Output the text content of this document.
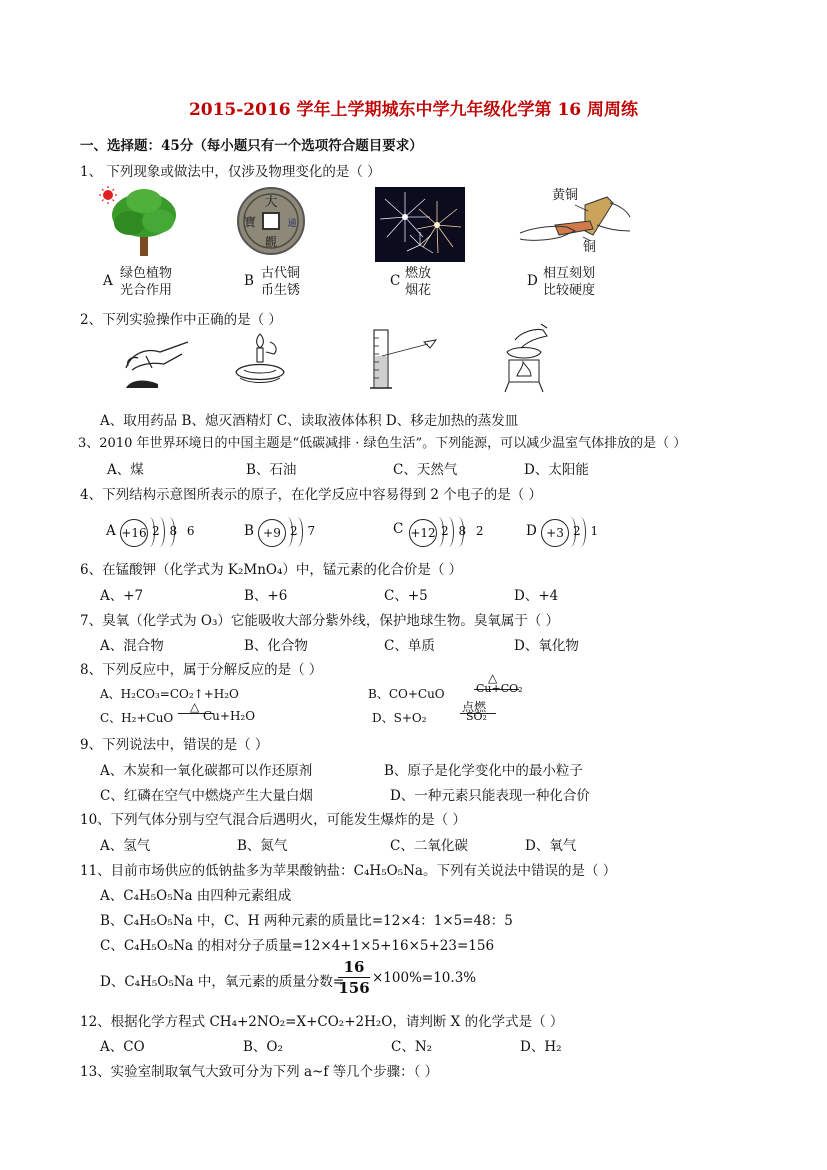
2015-2016 学年上学期城东中学九年级化学第 16 周周练
一、选择题：45分（每小题只有一个选项符合题目要求）
1、 下列现象或做法中，仅涉及物理变化的是（ ）
大
通
寶
觀
黄铜
铜
A 绿色植物
光合作用
B 古代铜
币生锈
C 燃放
烟花
D 相互刻划
比较硬度
2、下列实验操作中正确的是（ ）
A、取用药品 B、熄灭酒精灯 C、读取液体体积 D、移走加热的蒸发皿
3、2010 年世界环境日的中国主题是“低碳减排 · 绿色生活”。下列能源，可以减少温室气体排放的是（ ）
A、煤	B、石油	C、天然气	D、太阳能
4、下列结构示意图所表示的原子，在化学反应中容易得到 2 个电子的是（ ）
A +16 2 8 6	B +9 2 7	C +12 2 8 2	D +3 2 1
6、在锰酸钾（化学式为 K₂MnO₄）中，锰元素的化合价是（ ）
A、+7	B、+6	C、+5	D、+4
7、臭氧（化学式为 O₃）它能吸收大部分紫外线，保护地球生物。臭氧属于（ ）
A、混合物	B、化合物	C、单质	D、氧化物
8、下列反应中，属于分解反应的是（ ）
A、H₂CO₃=CO₂↑+H₂O	B、CO+CuO
△
Cu+CO₂
C、H₂+CuO
△
Cu+H₂O	D、S+O₂
点燃
SO₂
9、下列说法中，错误的是（ ）
A、木炭和一氧化碳都可以作还原剂	B、原子是化学变化中的最小粒子
C、红磷在空气中燃烧产生大量白烟	D、一种元素只能表现一种化合价
10、下列气体分别与空气混合后遇明火，可能发生爆炸的是（ ）
A、氢气	B、氮气	C、二氧化碳	D、氧气
11、目前市场供应的低钠盐多为苹果酸钠盐：C₄H₅O₅Na。下列有关说法中错误的是（ ）
A、C₄H₅O₅Na 由四种元素组成
B、C₄H₅O₅Na 中，C、H 两种元素的质量比=12×4：1×5=48：5
C、C₄H₅O₅Na 的相对分子质量=12×4+1×5+16×5+23=156
D、C₄H₅O₅Na 中，氧元素的质量分数=
16
156
×100%=10.3%
12、根据化学方程式 CH₄+2NO₂=X+CO₂+2H₂O，请判断 X 的化学式是（ ）
A、CO	B、O₂	C、N₂	D、H₂
13、实验室制取氧气大致可分为下列 a~f 等几个步骤：（ ）
